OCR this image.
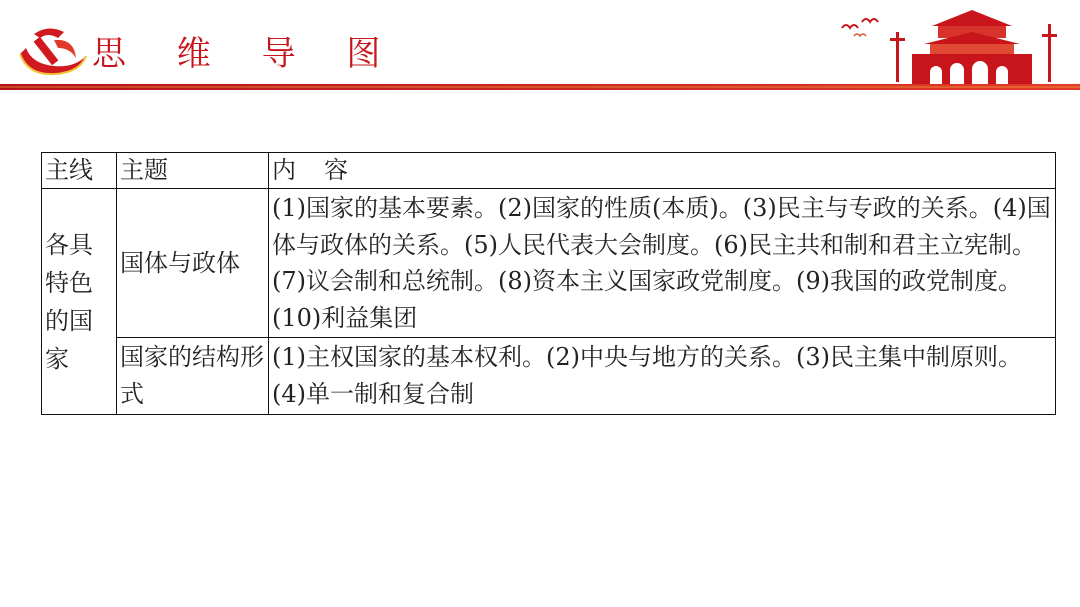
思 维 导 图
主线	主题	内 容
各具特色的国家	国体与政体	(1)国家的基本要素。(2)国家的性质(本质)。(3)民主与专政的关系。(4)国体与政体的关系。(5)人民代表大会制度。(6)民主共和制和君主立宪制。(7)议会制和总统制。(8)资本主义国家政党制度。(9)我国的政党制度。(10)利益集团
	国家的结构形式	(1)主权国家的基本权利。(2)中央与地方的关系。(3)民主集中制原则。(4)单一制和复合制
